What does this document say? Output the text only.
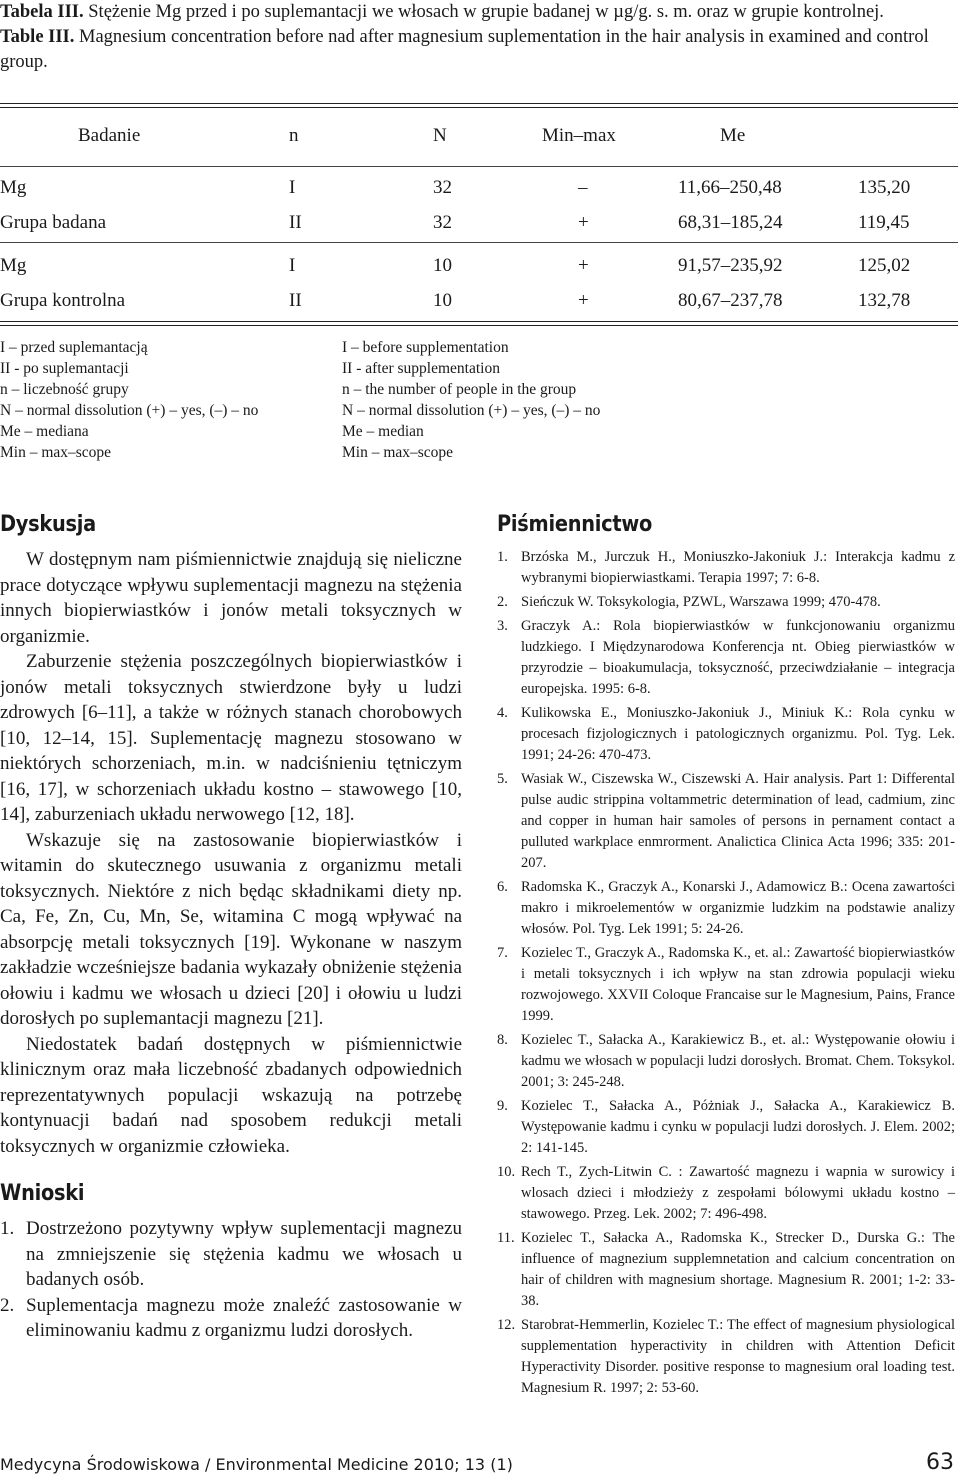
Tabela III. Stężenie Mg przed i po suplemantacji we włosach w grupie badanej w µg/g. s. m. oraz w grupie kontrolnej.

Table III. Magnesium concentration before nad after magnesium suplementation in the hair analysis in examined and control group.

Badanie	n	N	Min–max	Me
Mg	I	32	–	11,66–250,48	135,20
Grupa badana	II	32	+	68,31–185,24	119,45
Mg	I	10	+	91,57–235,92	125,02
Grupa kontrolna	II	10	+	80,67–237,78	132,78
I – przed suplemantacją
II - po suplemantacji
n – liczebność grupy
N – normal dissolution (+) – yes, (–) – no
Me – mediana
Min – max–scope
I – before supplementation
II - after supplementation
n – the number of people in the group
N – normal dissolution (+) – yes, (–) – no
Me – median
Min – max–scope
Dyskusja

W dostępnym nam piśmiennictwie znajdują się nieliczne prace dotyczące wpływu suplementacji magnezu na stężenia innych biopierwiastków i jonów metali toksycznych w organizmie.

Zaburzenie stężenia poszczególnych biopierwiastków i jonów metali toksycznych stwierdzone były u ludzi zdrowych [6–11], a także w różnych stanach chorobowych [10, 12–14, 15]. Suplementację magnezu stosowano w niektórych schorzeniach, m.in. w nadciśnieniu tętniczym [16, 17], w schorzeniach układu kostno – stawowego [10, 14], zaburzeniach układu nerwowego [12, 18].

Wskazuje się na zastosowanie biopierwiastków i witamin do skutecznego usuwania z organizmu metali toksycznych. Niektóre z nich będąc składnikami diety np. Ca, Fe, Zn, Cu, Mn, Se, witamina C mogą wpływać na absorpcję metali toksycznych [19]. Wykonane w naszym zakładzie wcześniejsze badania wykazały obniżenie stężenia ołowiu i kadmu we włosach u dzieci [20] i ołowiu u ludzi dorosłych po suplemantacji magnezu [21].

Niedostatek badań dostępnych w piśmiennictwie klinicznym oraz mała liczebność zbadanych odpowiednich reprezentatywnych populacji wskazują na potrzebę kontynuacji badań nad sposobem redukcji metali toksycznych w organizmie człowieka.

Wnioski
1. Dostrzeżono pozytywny wpływ suplementacji magnezu na zmniejszenie się stężenia kadmu we włosach u badanych osób.
2. Suplementacja magnezu może znaleźć zastosowanie w eliminowaniu kadmu z organizmu ludzi dorosłych.
Piśmiennictwo
1. Brzóska M., Jurczuk H., Moniuszko-Jakoniuk J.: Interakcja kadmu z wybranymi biopierwiastkami. Terapia 1997; 7: 6-8.
2. Sieńczuk W. Toksykologia, PZWL, Warszawa 1999; 470-478.
3. Graczyk A.: Rola biopierwiastków w funkcjonowaniu organizmu ludzkiego. I Międzynarodowa Konferencja nt. Obieg pierwiastków w przyrodzie – bioakumulacja, toksyczność, przeciwdziałanie – integracja europejska. 1995: 6-8.
4. Kulikowska E., Moniuszko-Jakoniuk J., Miniuk K.: Rola cynku w procesach fizjologicznych i patologicznych organizmu. Pol. Tyg. Lek. 1991; 24-26: 470-473.
5. Wasiak W., Ciszewska W., Ciszewski A. Hair analysis. Part 1: Differental pulse audic strippina voltammetric determination of lead, cadmium, zinc and copper in human hair samoles of persons in pernament contact a pulluted warkplace enmrorment. Analictica Clinica Acta 1996; 335: 201-207.
6. Radomska K., Graczyk A., Konarski J., Adamowicz B.: Ocena zawartości makro i mikroelementów w organizmie ludzkim na podstawie analizy włosów. Pol. Tyg. Lek 1991; 5: 24-26.
7. Kozielec T., Graczyk A., Radomska K., et. al.: Zawartość biopierwiastków i metali toksycznych i ich wpływ na stan zdrowia populacji wieku rozwojowego. XXVII Coloque Francaise sur le Magnesium, Pains, France 1999.
8. Kozielec T., Sałacka A., Karakiewicz B., et. al.: Występowanie ołowiu i kadmu we włosach w populacji ludzi dorosłych. Bromat. Chem. Toksykol. 2001; 3: 245-248.
9. Kozielec T., Sałacka A., Póżniak J., Sałacka A., Karakiewicz B. Występowanie kadmu i cynku w populacji ludzi dorosłych. J. Elem. 2002; 2: 141-145.
10. Rech T., Zych-Litwin C. : Zawartość magnezu i wapnia w surowicy i wlosach dzieci i młodzieży z zespołami bólowymi układu kostno – stawowego. Przeg. Lek. 2002; 7: 496-498.
11. Kozielec T., Sałacka A., Radomska K., Strecker D., Durska G.: The influence of magnezium supplemnetation and calcium concentration on hair of children with magnesium shortage. Magnesium R. 2001; 1-2: 33-38.
12. Starobrat-Hemmerlin, Kozielec T.: The effect of magnesium physiological supplementation hyperactivity in children with Attention Deficit Hyperactivity Disorder. positive response to magnesium oral loading test. Magnesium R. 1997; 2: 53-60.
Medycyna Środowiskowa / Environmental Medicine 2010; 13 (1)	63
